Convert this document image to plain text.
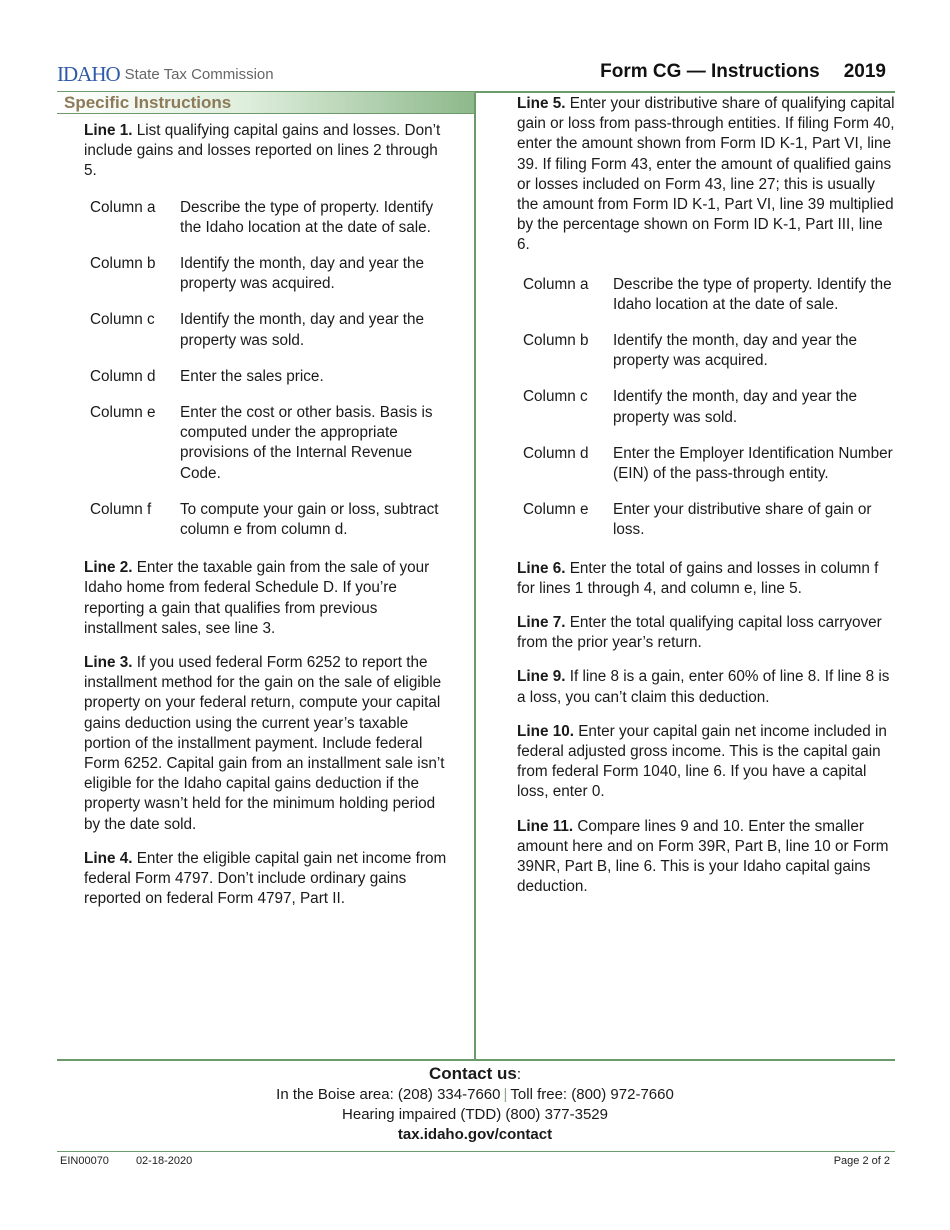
IDAHO State Tax Commission	Form CG — Instructions 2019
Specific Instructions

Line 1. List qualifying capital gains and losses. Don’t include gains and losses reported on lines 2 through 5.

Column a	Describe the type of property. Identify the Idaho location at the date of sale.
Column b	Identify the month, day and year the property was acquired.
Column c	Identify the month, day and year the property was sold.
Column d	Enter the sales price.
Column e	Enter the cost or other basis. Basis is computed under the appropriate provisions of the Internal Revenue Code.
Column f	To compute your gain or loss, subtract column e from column d.

Line 2. Enter the taxable gain from the sale of your Idaho home from federal Schedule D. If you’re reporting a gain that qualifies from previous installment sales, see line 3.

Line 3. If you used federal Form 6252 to report the installment method for the gain on the sale of eligible property on your federal return, compute your capital gains deduction using the current year’s taxable portion of the installment payment. Include federal Form 6252. Capital gain from an installment sale isn’t eligible for the Idaho capital gains deduction if the property wasn’t held for the minimum holding period by the date sold.

Line 4. Enter the eligible capital gain net income from federal Form 4797. Don’t include ordinary gains reported on federal Form 4797, Part II.

Line 5. Enter your distributive share of qualifying capital gain or loss from pass-through entities. If filing Form 40, enter the amount shown from Form ID K-1, Part VI, line 39. If filing Form 43, enter the amount of qualified gains or losses included on Form 43, line 27; this is usually the amount from Form ID K-1, Part VI, line 39 multiplied by the percentage shown on Form ID K-1, Part III, line 6.

Column a	Describe the type of property. Identify the Idaho location at the date of sale.
Column b	Identify the month, day and year the property was acquired.
Column c	Identify the month, day and year the property was sold.
Column d	Enter the Employer Identification Number (EIN) of the pass-through entity.
Column e	Enter your distributive share of gain or loss.

Line 6. Enter the total of gains and losses in column f for lines 1 through 4, and column e, line 5.

Line 7. Enter the total qualifying capital loss carryover from the prior year’s return.

Line 9. If line 8 is a gain, enter 60% of line 8. If line 8 is a loss, you can’t claim this deduction.

Line 10. Enter your capital gain net income included in federal adjusted gross income. This is the capital gain from federal Form 1040, line 6. If you have a capital loss, enter 0.

Line 11. Compare lines 9 and 10. Enter the smaller amount here and on Form 39R, Part B, line 10 or Form 39NR, Part B, line 6. This is your Idaho capital gains deduction.

Contact us:
In the Boise area: (208) 334-7660 | Toll free: (800) 972-7660
Hearing impaired (TDD) (800) 377-3529
tax.idaho.gov/contact
EIN00070 02-18-2020	Page 2 of 2
